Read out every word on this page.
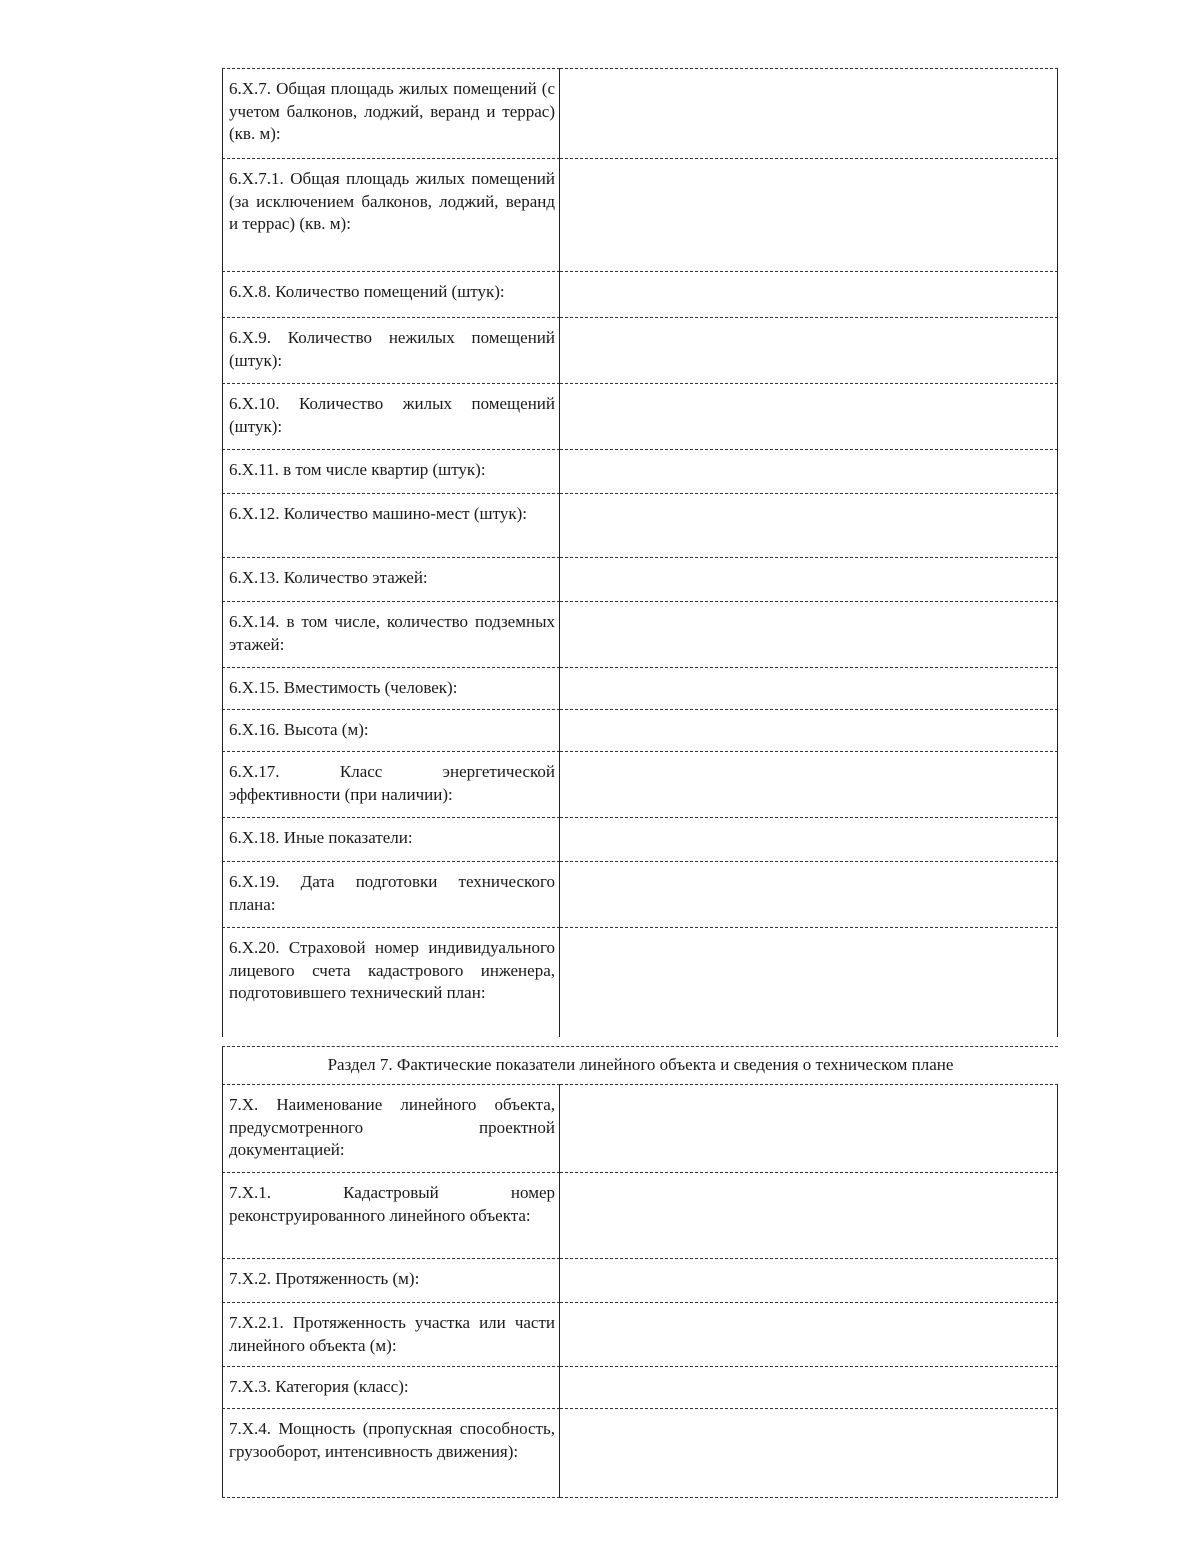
6.Х.7. Общая площадь жилых помещений (с учетом балконов, лоджий, веранд и террас) (кв. м):
6.Х.7.1. Общая площадь жилых помещений (за исключением балконов, лоджий, веранд и террас) (кв. м):
6.Х.8. Количество помещений (штук):
6.Х.9. Количество нежилых помещений (штук):
6.Х.10. Количество жилых помещений (штук):
6.Х.11. в том числе квартир (штук):
6.Х.12. Количество машино-мест (штук):
6.Х.13. Количество этажей:
6.Х.14. в том числе, количество подземных этажей:
6.Х.15. Вместимость (человек):
6.Х.16. Высота (м):
6.Х.17. Класс энергетической эффективности (при наличии):
6.Х.18. Иные показатели:
6.Х.19. Дата подготовки технического плана:
6.Х.20. Страховой номер индивидуального лицевого счета кадастрового инженера, подготовившего технический план:
Раздел 7. Фактические показатели линейного объекта и сведения о техническом плане
7.Х. Наименование линейного объекта, предусмотренного проектной документацией:
7.Х.1. Кадастровый номер реконструированного линейного объекта:
7.Х.2. Протяженность (м):
7.Х.2.1. Протяженность участка или части линейного объекта (м):
7.Х.3. Категория (класс):
7.Х.4. Мощность (пропускная способность, грузооборот, интенсивность движения):
